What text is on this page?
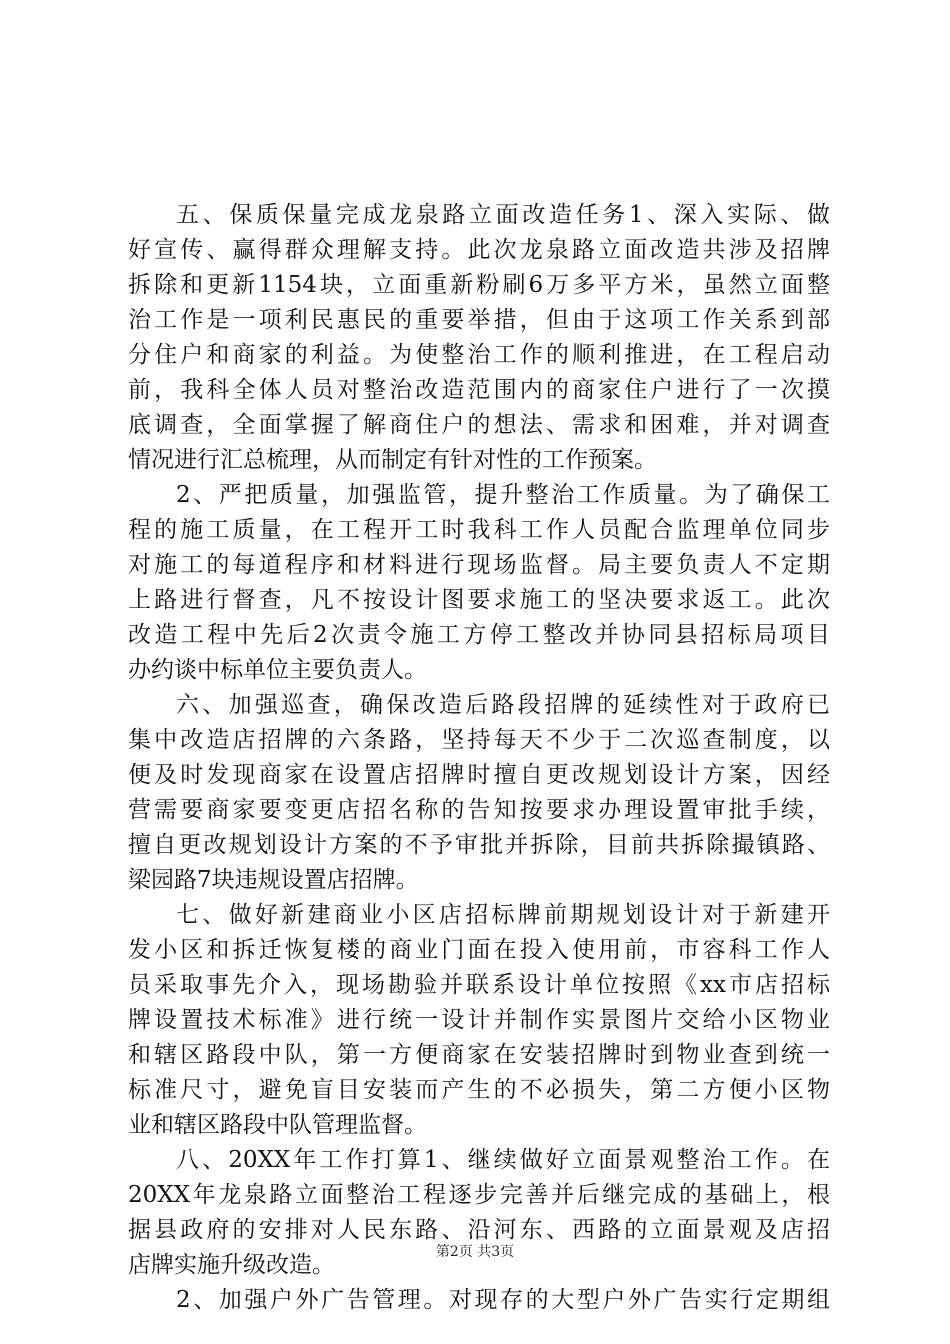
五、保质保量完成龙泉路立面改造任务1、深入实际、做
好宣传、赢得群众理解支持。此次龙泉路立面改造共涉及招牌
拆除和更新1154块，立面重新粉刷6万多平方米，虽然立面整
治工作是一项利民惠民的重要举措，但由于这项工作关系到部
分住户和商家的利益。为使整治工作的顺利推进，在工程启动
前，我科全体人员对整治改造范围内的商家住户进行了一次摸
底调查，全面掌握了解商住户的想法、需求和困难，并对调查
情况进行汇总梳理，从而制定有针对性的工作预案。
2、严把质量，加强监管，提升整治工作质量。为了确保工
程的施工质量，在工程开工时我科工作人员配合监理单位同步
对施工的每道程序和材料进行现场监督。局主要负责人不定期
上路进行督查，凡不按设计图要求施工的坚决要求返工。此次
改造工程中先后2次责令施工方停工整改并协同县招标局项目
办约谈中标单位主要负责人。
六、加强巡查，确保改造后路段招牌的延续性对于政府已
集中改造店招牌的六条路，坚持每天不少于二次巡查制度，以
便及时发现商家在设置店招牌时擅自更改规划设计方案，因经
营需要商家要变更店招名称的告知按要求办理设置审批手续，
擅自更改规划设计方案的不予审批并拆除，目前共拆除撮镇路、
梁园路7块违规设置店招牌。
七、做好新建商业小区店招标牌前期规划设计对于新建开
发小区和拆迁恢复楼的商业门面在投入使用前，市容科工作人
员采取事先介入，现场勘验并联系设计单位按照《xx市店招标
牌设置技术标准》进行统一设计并制作实景图片交给小区物业
和辖区路段中队，第一方便商家在安装招牌时到物业查到统一
标准尺寸，避免盲目安装而产生的不必损失，第二方便小区物
业和辖区路段中队管理监督。
八、20XX年工作打算1、继续做好立面景观整治工作。在
20XX年龙泉路立面整治工程逐步完善并后继完成的基础上，根
据县政府的安排对人民东路、沿河东、西路的立面景观及店招
店牌实施升级改造。
2、加强户外广告管理。对现存的大型户外广告实行定期组
第2页 共3页
